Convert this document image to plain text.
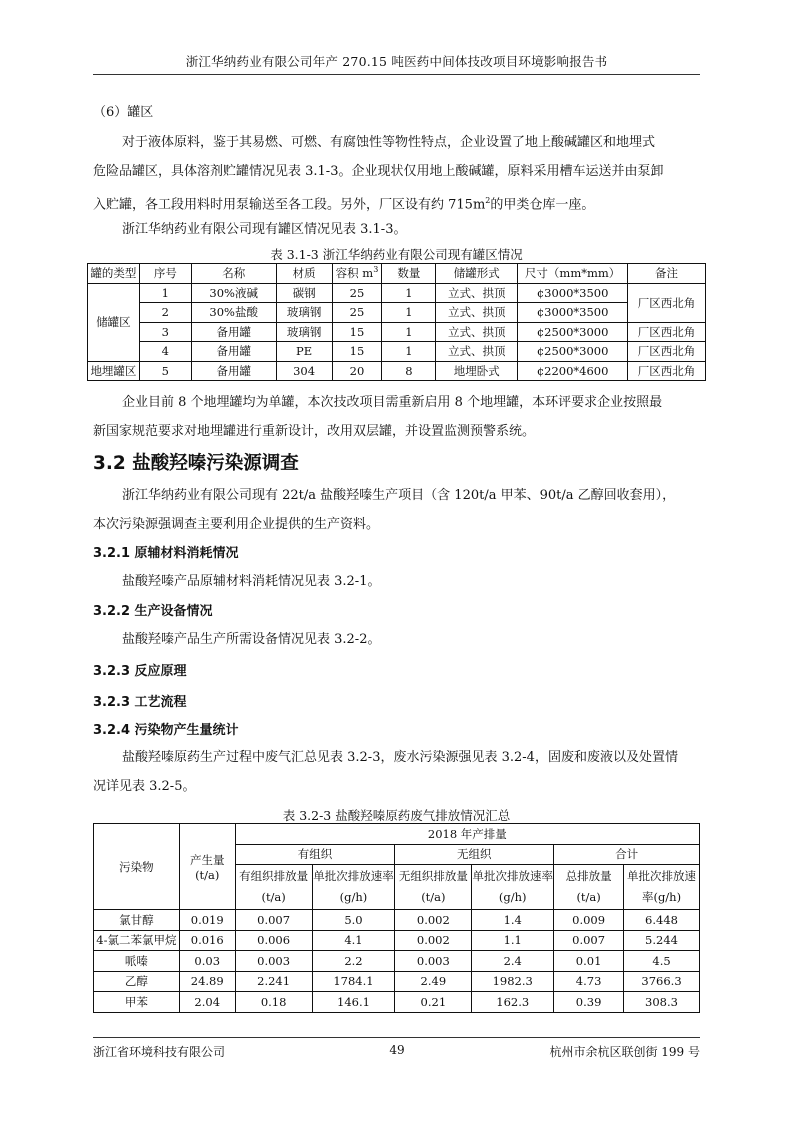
浙江华纳药业有限公司年产 270.15 吨医药中间体技改项目环境影响报告书
（6）罐区
对于液体原料，鉴于其易燃、可燃、有腐蚀性等物性特点，企业设置了地上酸碱罐区和地埋式
危险品罐区，具体溶剂贮罐情况见表 3.1-3。企业现状仅用地上酸碱罐，原料采用槽车运送并由泵卸
入贮罐，各工段用料时用泵输送至各工段。另外，厂区设有约 $715m^2$的甲类仓库一座。
浙江华纳药业有限公司现有罐区情况见表 3.1-3。
表 3.1-3 浙江华纳药业有限公司现有罐区情况
罐的类型	序号	名称	材质	容积 $m^3$	数量	储罐形式	尺寸（mm*mm）	备注
储罐区	1	30%液碱	碳钢	25	1	立式、拱顶	¢3000*3500	厂区西北角
	2	30%盐酸	玻璃钢	25	1	立式、拱顶	¢3000*3500	
	3	备用罐	玻璃钢	15	1	立式、拱顶	¢2500*3000	厂区西北角
	4	备用罐	PE	15	1	立式、拱顶	¢2500*3000	厂区西北角
地埋罐区	5	备用罐	304	20	8	地埋卧式	¢2200*4600	厂区西北角
企业目前 8 个地埋罐均为单罐，本次技改项目需重新启用 8 个地埋罐，本环评要求企业按照最
新国家规范要求对地埋罐进行重新设计，改用双层罐，并设置监测预警系统。
3.2 盐酸羟嗪污染源调查
浙江华纳药业有限公司现有 22t/a 盐酸羟嗪生产项目（含 120t/a 甲苯、90t/a 乙醇回收套用），
本次污染源强调查主要利用企业提供的生产资料。
3.2.1 原辅材料消耗情况
盐酸羟嗪产品原辅材料消耗情况见表 3.2-1。
3.2.2 生产设备情况
盐酸羟嗪产品生产所需设备情况见表 3.2-2。
3.2.3 反应原理
3.2.3 工艺流程
3.2.4 污染物产生量统计
盐酸羟嗪原药生产过程中废气汇总见表 3.2-3，废水污染源强见表 3.2-4，固废和废液以及处置情
况详见表 3.2-5。
表 3.2-3 盐酸羟嗪原药废气排放情况汇总
污染物	产生量(t/a)	2018 年产排量					
		有组织		无组织		合计	
		有组织排放量(t/a)	单批次排放速率(g/h)	无组织排放量(t/a)	单批次排放速率(g/h)	总排放量(t/a)	单批次排放速率(g/h)
氯甘醇	0.019	0.007	5.0	0.002	1.4	0.009	6.448
4-氯二苯氯甲烷	0.016	0.006	4.1	0.002	1.1	0.007	5.244
哌嗪	0.03	0.003	2.2	0.003	2.4	0.01	4.5
乙醇	24.89	2.241	1784.1	2.49	1982.3	4.73	3766.3
甲苯	2.04	0.18	146.1	0.21	162.3	0.39	308.3
浙江省环境科技有限公司	49	杭州市余杭区联创街 199 号
